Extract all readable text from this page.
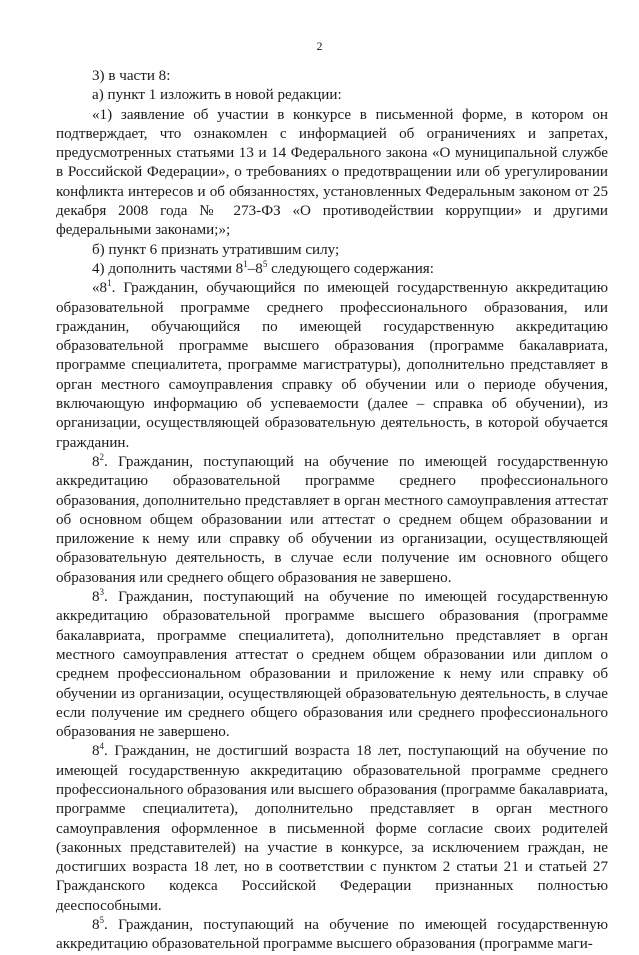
2

3) в части 8:

а) пункт 1 изложить в новой редакции:

«1) заявление об участии в конкурсе в письменной форме, в котором он подтверждает, что ознакомлен с информацией об ограничениях и запретах, предусмотренных статьями 13 и 14 Федерального закона «О муниципальной службе в Российской Федерации», о требованиях о предотвращении или об урегулировании конфликта интересов и об обязанностях, установленных Федеральным законом от 25 декабря 2008 года № 273-ФЗ «О противодействии коррупции» и другими федеральными законами;»;

б) пункт 6 признать утратившим силу;

4) дополнить частями $8^1-8^5$ следующего содержания:

«$8^1$. Гражданин, обучающийся по имеющей государственную аккредитацию образовательной программе среднего профессионального образования, или гражданин, обучающийся по имеющей государственную аккредитацию образовательной программе высшего образования (программе бакалавриата, программе специалитета, программе магистратуры), дополнительно представляет в орган местного самоуправления справку об обучении или о периоде обучения, включающую информацию об успеваемости (далее – справка об обучении), из организации, осуществляющей образовательную деятельность, в которой обучается гражданин.

$8^2$. Гражданин, поступающий на обучение по имеющей государственную аккредитацию образовательной программе среднего профессионального образования, дополнительно представляет в орган местного самоуправления аттестат об основном общем образовании или аттестат о среднем общем образовании и приложение к нему или справку об обучении из организации, осуществляющей образовательную деятельность, в случае если получение им основного общего образования или среднего общего образования не завершено.

$8^3$. Гражданин, поступающий на обучение по имеющей государственную аккредитацию образовательной программе высшего образования (программе бакалавриата, программе специалитета), дополнительно представляет в орган местного самоуправления аттестат о среднем общем образовании или диплом о среднем профессиональном образовании и приложение к нему или справку об обучении из организации, осуществляющей образовательную деятельность, в случае если получение им среднего общего образования или среднего профессионального образования не завершено.

$8^4$. Гражданин, не достигший возраста 18 лет, поступающий на обучение по имеющей государственную аккредитацию образовательной программе среднего профессионального образования или высшего образования (программе бакалавриата, программе специалитета), дополнительно представляет в орган местного самоуправления оформленное в письменной форме согласие своих родителей (законных представителей) на участие в конкурсе, за исключением граждан, не достигших возраста 18 лет, но в соответствии с пунктом 2 статьи 21 и статьей 27 Гражданского кодекса Российской Федерации признанных полностью дееспособными.

$8^5$. Гражданин, поступающий на обучение по имеющей государственную аккредитацию образовательной программе высшего образования (программе маги-
